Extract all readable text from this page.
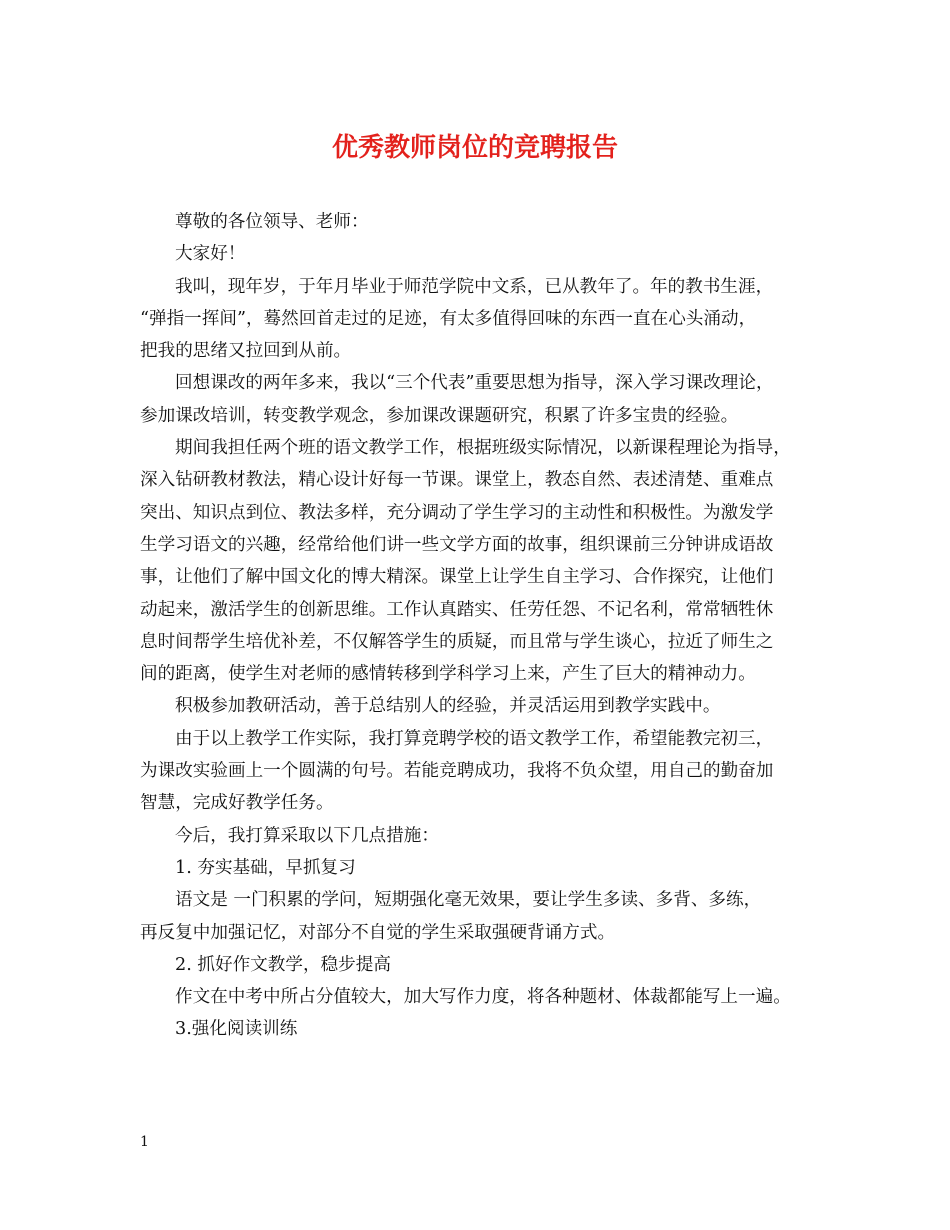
优秀教师岗位的竞聘报告
尊敬的各位领导、老师：
大家好！
我叫，现年岁，于年月毕业于师范学院中文系，已从教年了。年的教书生涯，
“弹指一挥间”，蓦然回首走过的足迹，有太多值得回味的东西一直在心头涌动，
把我的思绪又拉回到从前。
回想课改的两年多来，我以“三个代表”重要思想为指导，深入学习课改理论，
参加课改培训，转变教学观念，参加课改课题研究，积累了许多宝贵的经验。
期间我担任两个班的语文教学工作，根据班级实际情况，以新课程理论为指导，
深入钻研教材教法，精心设计好每一节课。课堂上，教态自然、表述清楚、重难点
突出、知识点到位、教法多样，充分调动了学生学习的主动性和积极性。为激发学
生学习语文的兴趣，经常给他们讲一些文学方面的故事，组织课前三分钟讲成语故
事，让他们了解中国文化的博大精深。课堂上让学生自主学习、合作探究，让他们
动起来，激活学生的创新思维。工作认真踏实、任劳任怨、不记名利，常常牺牲休
息时间帮学生培优补差，不仅解答学生的质疑，而且常与学生谈心，拉近了师生之
间的距离，使学生对老师的感情转移到学科学习上来，产生了巨大的精神动力。
积极参加教研活动，善于总结别人的经验，并灵活运用到教学实践中。
由于以上教学工作实际，我打算竞聘学校的语文教学工作，希望能教完初三，
为课改实验画上一个圆满的句号。若能竞聘成功，我将不负众望，用自己的勤奋加
智慧，完成好教学任务。
今后，我打算采取以下几点措施：
1. 夯实基础，早抓复习
语文是 一门积累的学问，短期强化毫无效果，要让学生多读、多背、多练，
再反复中加强记忆，对部分不自觉的学生采取强硬背诵方式。
2. 抓好作文教学，稳步提高
作文在中考中所占分值较大，加大写作力度，将各种题材、体裁都能写上一遍。
3.强化阅读训练
1
